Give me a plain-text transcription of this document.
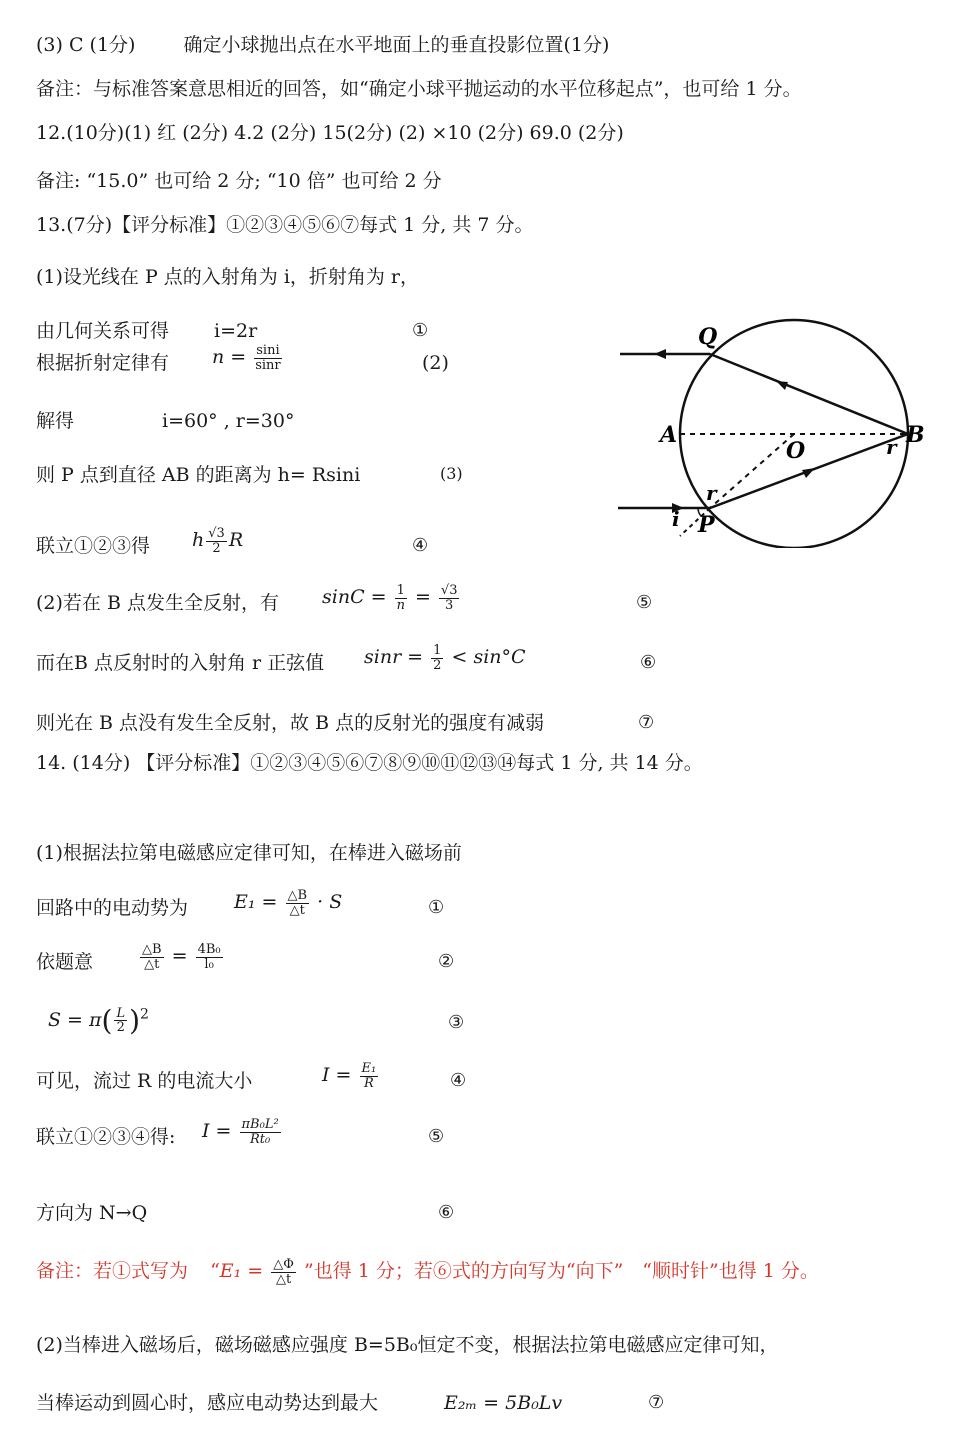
(3) C (1分)	确定小球抛出点在水平地面上的垂直投影位置(1分)
备注：与标准答案意思相近的回答，如“确定小球平抛运动的水平位移起点”，也可给 1 分。
12.(10分)(1) 红 (2分) 4.2 (2分) 15(2分) (2) ×10 (2分) 69.0 (2分)
备注: “15.0” 也可给 2 分; “10 倍” 也可给 2 分
13.(7分)【评分标准】①②③④⑤⑥⑦每式 1 分, 共 7 分。
(1)设光线在 P 点的入射角为 i，折射角为 r，
由几何关系可得 i=2r	①
根据折射定律有 $n = \frac{\sin i}{\sin r}$	(2)
解得	i=60° , r=30°
则 P 点到直径 AB 的距离为 h= Rsini	(3)
联立①②③得 h $\frac{√3}{2}$ R	④
(2)若在 B 点发生全反射，有 $\sin C = \frac{1}{n} = \frac{√3}{3}$	⑤
而在B 点反射时的入射角 r 正弦值 $\sin r = \frac{1}{2} < \sin^\circ C$	⑥
则光在 B 点没有发生全反射，故 B 点的反射光的强度有减弱	⑦
14. (14分) 【评分标准】①②③④⑤⑥⑦⑧⑨⑩⑪⑫⑬⑭每式 1 分, 共 14 分。
Q
A
O
B
r
r
i P
(1)根据法拉第电磁感应定律可知，在棒进入磁场前
回路中的电动势为 $E_1 = \frac{\triangle B}{\triangle t} \cdot S$	①
依题意	$\frac{\triangle B}{\triangle t} = \frac{\text{4B₀}}{\text{l₀}}$	②
$S = \pi( \frac{L}{2} )^2$	③
可见，流过 R 的电流大小	$I = \frac{\text{E₁}}{R}$	④
联立①②③④得: $I = \frac{\text{πB₀L²}}{\text{Rt₀}}$	⑤
方向为 N→Q	⑥
备注：若①式写为 “$E_1 = \frac{\triangle\Phi}{\triangle t}$ ”也得 1 分；若⑥式的方向写为“向下”　“顺时针”也得 1 分。
(2)当棒进入磁场后，磁场磁感应强度 B=5B₀恒定不变，根据法拉第电磁感应定律可知，
当棒运动到圆心时，感应电动势达到最大	E₂ₘ = 5B₀Lv	⑦
